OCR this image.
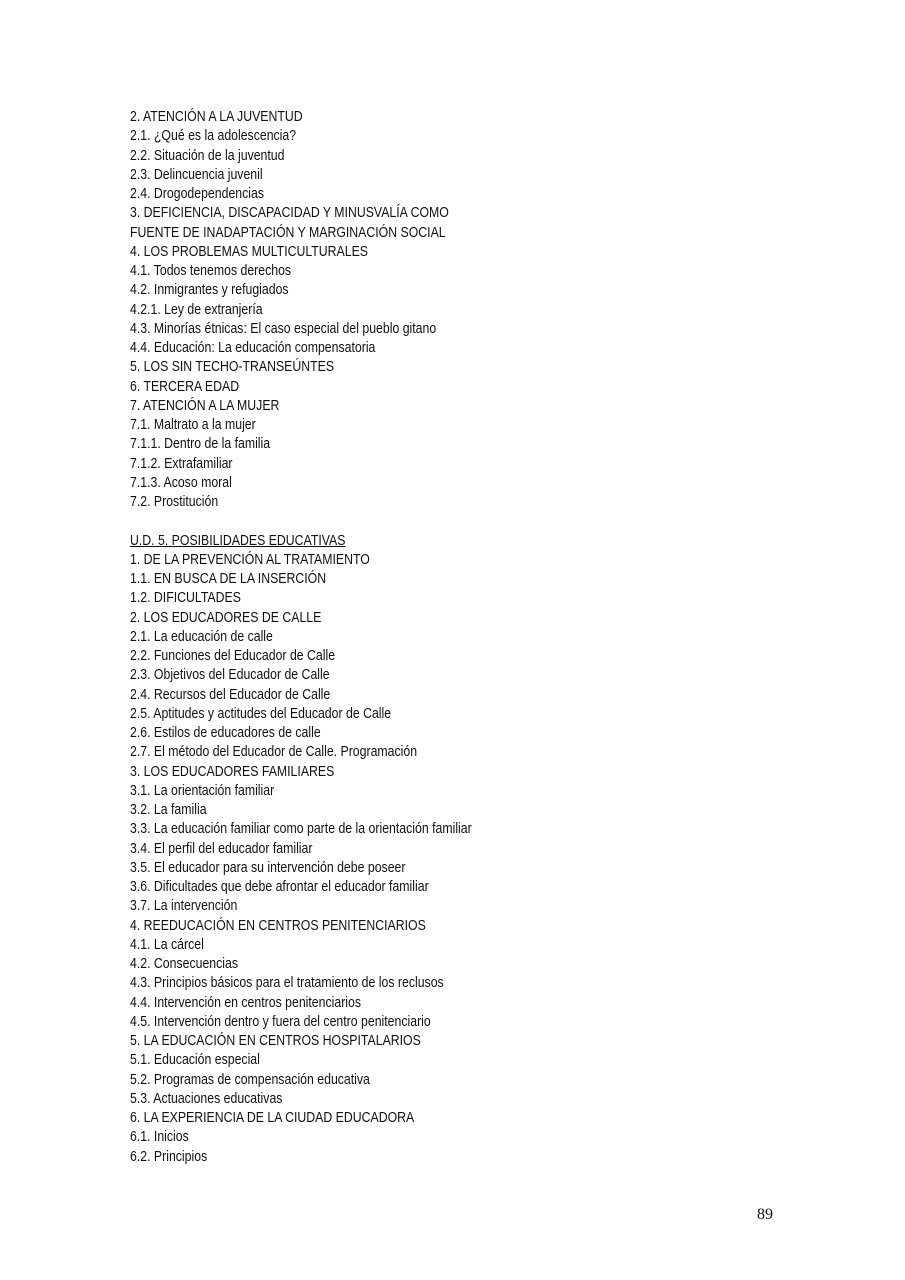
2. ATENCIÓN A LA JUVENTUD
2.1. ¿Qué es la adolescencia?
2.2. Situación de la juventud
2.3. Delincuencia juvenil
2.4. Drogodependencias
3. DEFICIENCIA, DISCAPACIDAD Y MINUSVALÍA COMO
FUENTE DE INADAPTACIÓN Y MARGINACIÓN SOCIAL
4. LOS PROBLEMAS MULTICULTURALES
4.1. Todos tenemos derechos
4.2. Inmigrantes y refugiados
4.2.1. Ley de extranjería
4.3. Minorías étnicas: El caso especial del pueblo gitano
4.4. Educación: La educación compensatoria
5. LOS SIN TECHO-TRANSEÚNTES
6. TERCERA EDAD
7. ATENCIÓN A LA MUJER
7.1. Maltrato a la mujer
7.1.1. Dentro de la familia
7.1.2. Extrafamiliar
7.1.3. Acoso moral
7.2. Prostitución
U.D. 5. POSIBILIDADES EDUCATIVAS
1. DE LA PREVENCIÓN AL TRATAMIENTO
1.1. EN BUSCA DE LA INSERCIÓN
1.2. DIFICULTADES
2. LOS EDUCADORES DE CALLE
2.1. La educación de calle
2.2. Funciones del Educador de Calle
2.3. Objetivos del Educador de Calle
2.4. Recursos del Educador de Calle
2.5. Aptitudes y actitudes del Educador de Calle
2.6. Estilos de educadores de calle
2.7. El método del Educador de Calle. Programación
3. LOS EDUCADORES FAMILIARES
3.1. La orientación familiar
3.2. La familia
3.3. La educación familiar como parte de la orientación familiar
3.4. El perfil del educador familiar
3.5. El educador para su intervención debe poseer
3.6. Dificultades que debe afrontar el educador familiar
3.7. La intervención
4. REEDUCACIÓN EN CENTROS PENITENCIARIOS
4.1. La cárcel
4.2. Consecuencias
4.3. Principios básicos para el tratamiento de los reclusos
4.4. Intervención en centros penitenciarios
4.5. Intervención dentro y fuera del centro penitenciario
5. LA EDUCACIÓN EN CENTROS HOSPITALARIOS
5.1. Educación especial
5.2. Programas de compensación educativa
5.3. Actuaciones educativas
6. LA EXPERIENCIA DE LA CIUDAD EDUCADORA
6.1. Inicios
6.2. Principios
89
